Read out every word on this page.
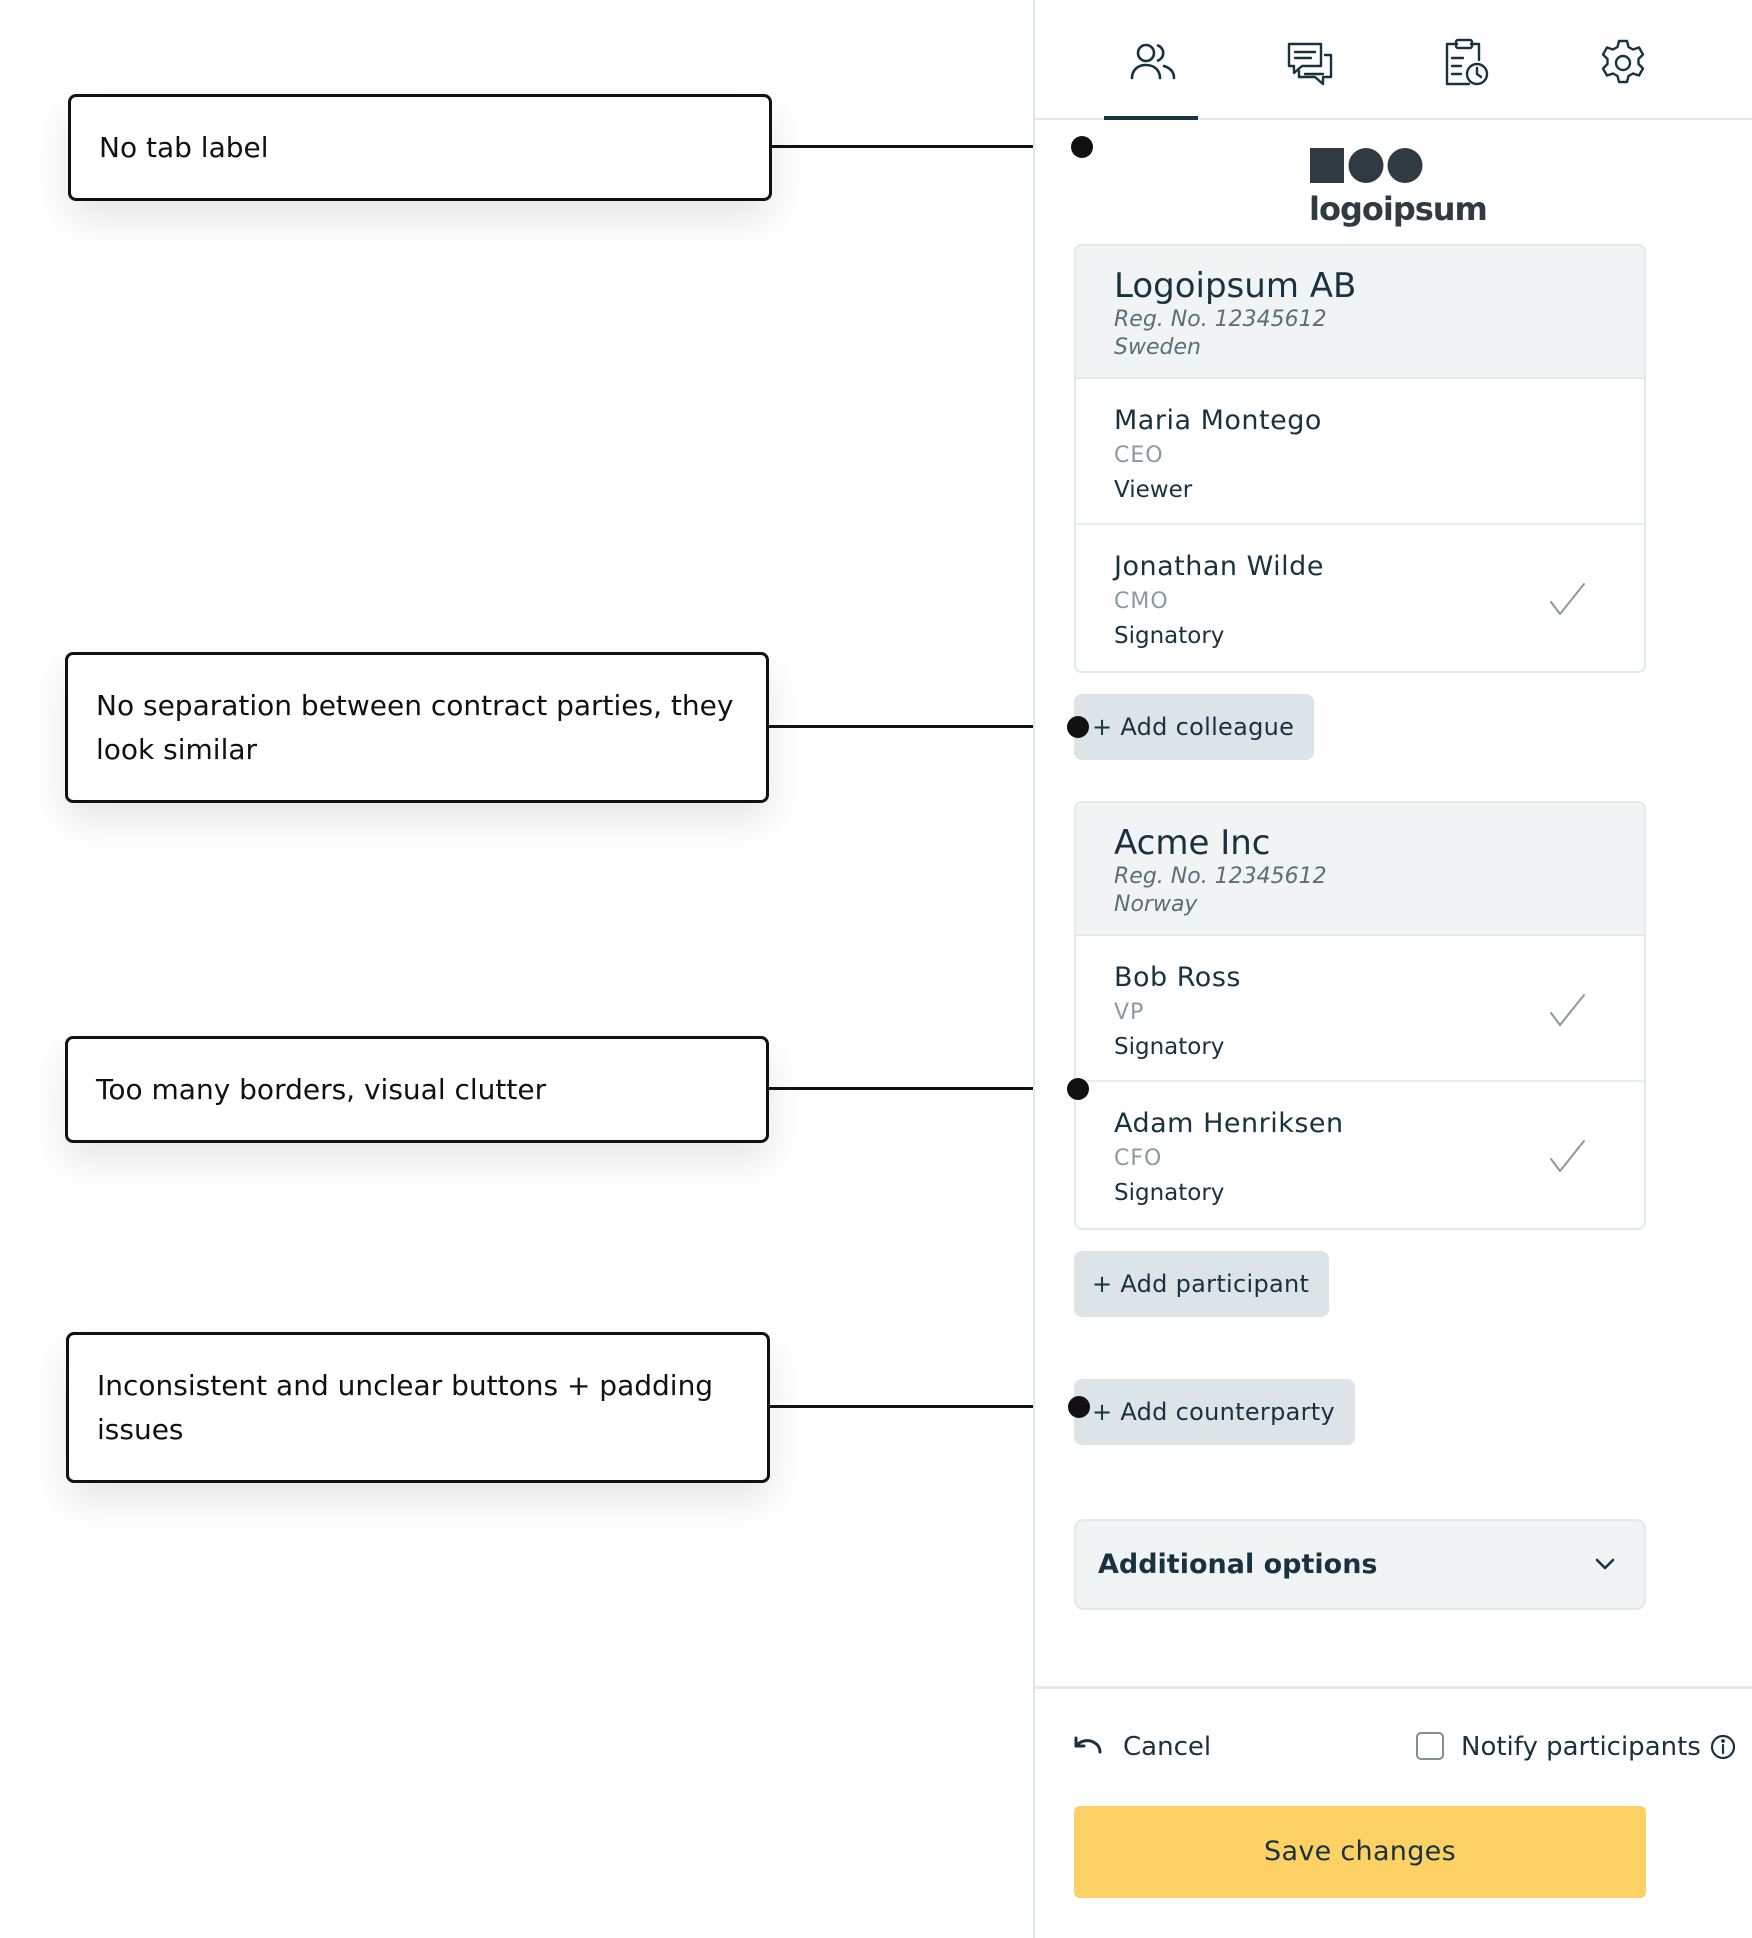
No tab label
No separation between contract parties, they look similar
Too many borders, visual clutter
Inconsistent and unclear buttons + padding issues
logoipsum
Logoipsum AB
Reg. No. 12345612
Sweden
Maria Montego
CEO
Viewer
Jonathan Wilde
CMO
Signatory
+ Add colleague
Acme Inc
Reg. No. 12345612
Norway
Bob Ross
VP
Signatory
Adam Henriksen
CFO
Signatory
+ Add participant
+ Add counterparty
Additional options
Cancel	Notify participants
Save changes
